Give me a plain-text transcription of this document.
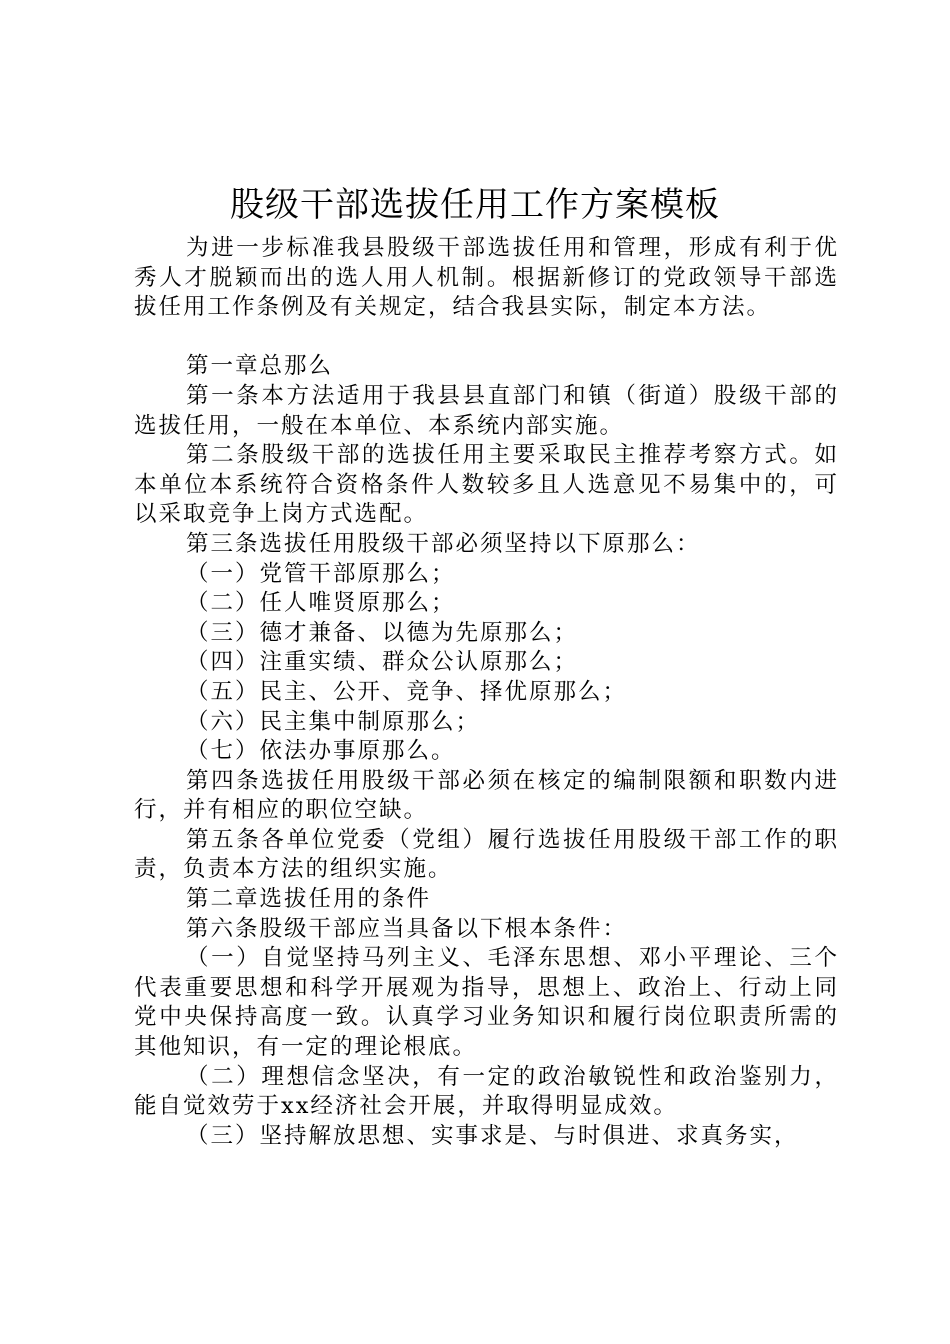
股级干部选拔任用工作方案模板

为进一步标准我县股级干部选拔任用和管理，形成有利于优秀人才脱颖而出的选人用人机制。根据新修订的党政领导干部选拔任用工作条例及有关规定，结合我县实际，制定本方法。

第一章总那么

第一条本方法适用于我县县直部门和镇（街道）股级干部的选拔任用，一般在本单位、本系统内部实施。

第二条股级干部的选拔任用主要采取民主推荐考察方式。如本单位本系统符合资格条件人数较多且人选意见不易集中的，可以采取竞争上岗方式选配。

第三条选拔任用股级干部必须坚持以下原那么：

（一）党管干部原那么；

（二）任人唯贤原那么；

（三）德才兼备、以德为先原那么；

（四）注重实绩、群众公认原那么；

（五）民主、公开、竞争、择优原那么；

（六）民主集中制原那么；

（七）依法办事原那么。

第四条选拔任用股级干部必须在核定的编制限额和职数内进行，并有相应的职位空缺。

第五条各单位党委（党组）履行选拔任用股级干部工作的职责，负责本方法的组织实施。

第二章选拔任用的条件

第六条股级干部应当具备以下根本条件：

（一）自觉坚持马列主义、毛泽东思想、邓小平理论、三个代表重要思想和科学开展观为指导，思想上、政治上、行动上同党中央保持高度一致。认真学习业务知识和履行岗位职责所需的其他知识，有一定的理论根底。

（二）理想信念坚决，有一定的政治敏锐性和政治鉴别力，能自觉效劳于xx经济社会开展，并取得明显成效。

（三）坚持解放思想、实事求是、与时俱进、求真务实，
